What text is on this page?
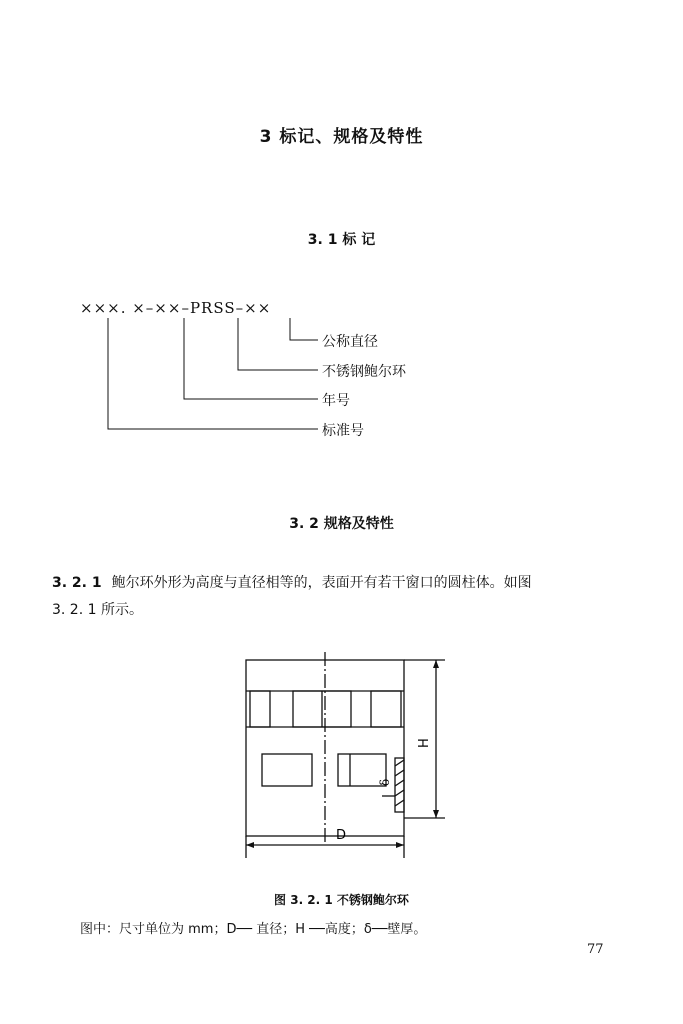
3 标记、规格及特性
3. 1 标 记
×××. ×–××–PRSS–××
公称直径
不锈钢鲍尔环
年号
标准号
3. 2 规格及特性
3. 2. 1 鲍尔环外形为高度与直径相等的，表面开有若干窗口的圆柱体。如图
3. 2. 1 所示。
H
D
δ
图 3. 2. 1 不锈钢鲍尔环
图中：尺寸单位为 mm；D── 直径；H ──高度；δ──壁厚。
77
